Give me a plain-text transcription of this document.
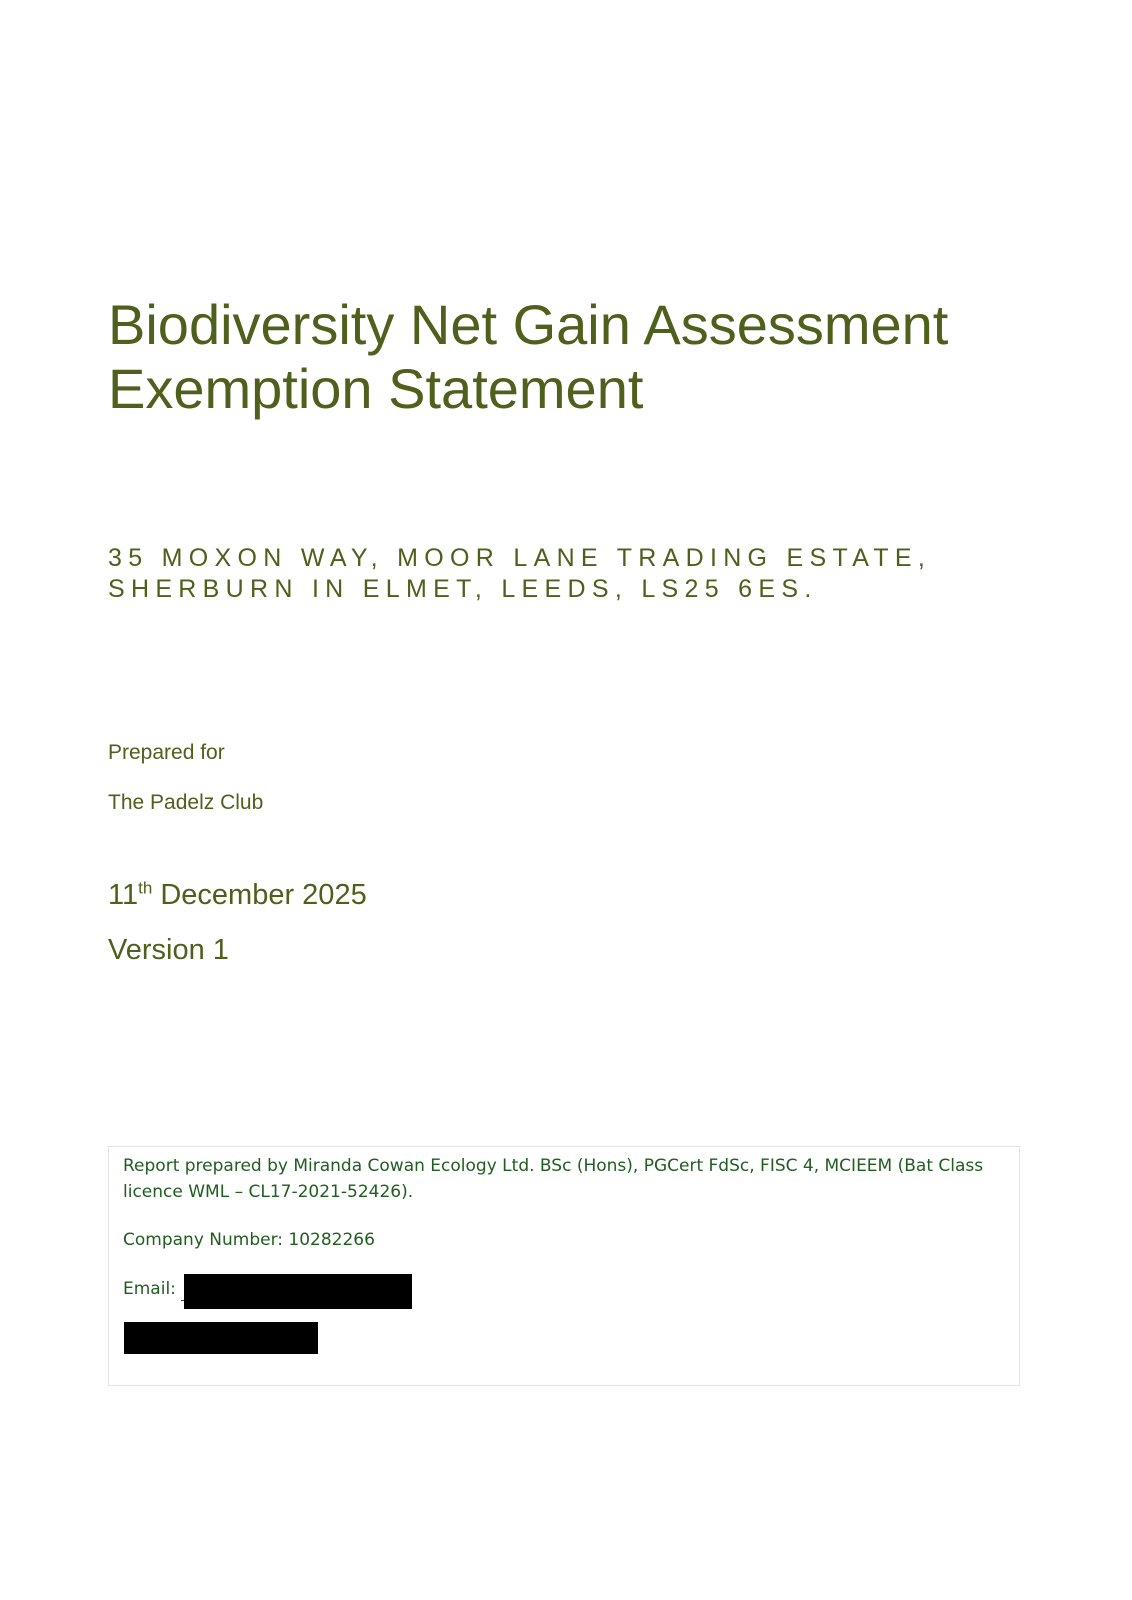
Biodiversity Net Gain Assessment
Exemption Statement
35 MOXON WAY, MOOR LANE TRADING ESTATE,
SHERBURN IN ELMET, LEEDS, LS25 6ES.
Prepared for
The Padelz Club
11th December 2025
Version 1
Report prepared by Miranda Cowan Ecology Ltd. BSc (Hons), PGCert FdSc, FISC 4, MCIEEM (Bat Class
licence WML – CL17-2021-52426).
Company Number: 10282266
Email:
